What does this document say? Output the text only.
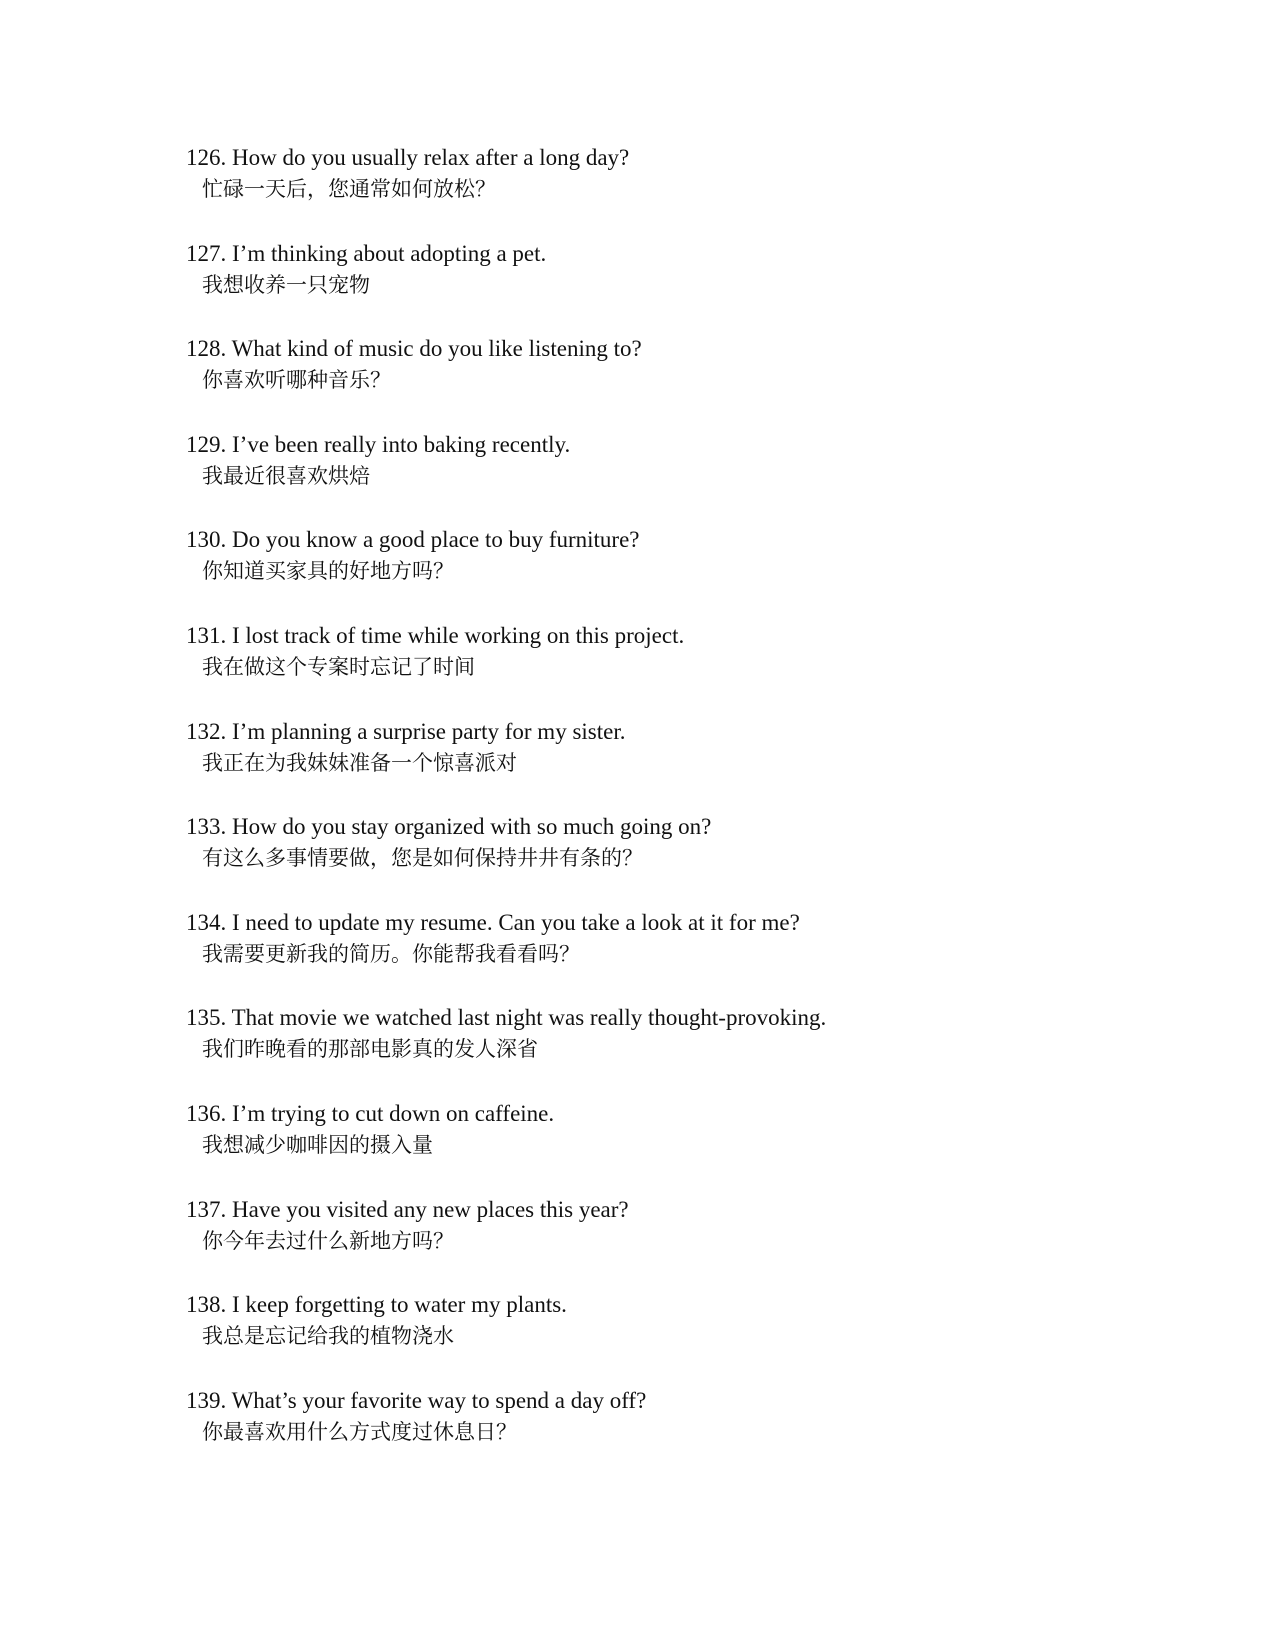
126. How do you usually relax after a long day?
忙碌一天后，您通常如何放松？
127. I’m thinking about adopting a pet.
我想收养一只宠物
128. What kind of music do you like listening to?
你喜欢听哪种音乐？
129. I’ve been really into baking recently.
我最近很喜欢烘焙
130. Do you know a good place to buy furniture?
你知道买家具的好地方吗？
131. I lost track of time while working on this project.
我在做这个专案时忘记了时间
132. I’m planning a surprise party for my sister.
我正在为我妹妹准备一个惊喜派对
133. How do you stay organized with so much going on?
有这么多事情要做，您是如何保持井井有条的？
134. I need to update my resume. Can you take a look at it for me?
我需要更新我的简历。你能帮我看看吗？
135. That movie we watched last night was really thought-provoking.
我们昨晚看的那部电影真的发人深省
136. I’m trying to cut down on caffeine.
我想减少咖啡因的摄入量
137. Have you visited any new places this year?
你今年去过什么新地方吗？
138. I keep forgetting to water my plants.
我总是忘记给我的植物浇水
139. What’s your favorite way to spend a day off?
你最喜欢用什么方式度过休息日？
